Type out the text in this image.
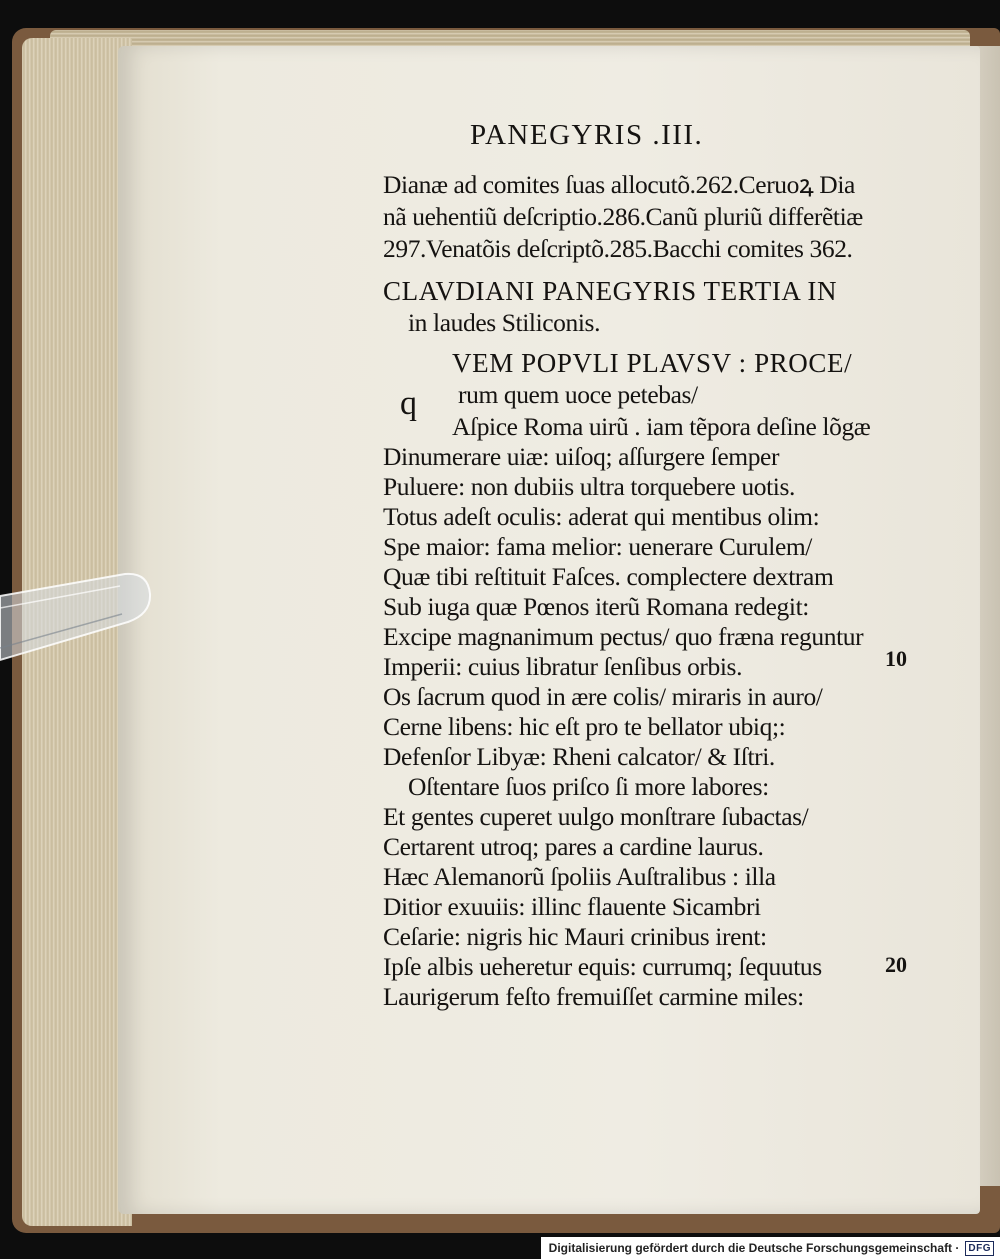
PANEGYRIS .III.
Dianæ ad comites ſuas allocutõ.262.Ceruoꝝ Dia
nã uehentiũ deſcriptio.286.Canũ pluriũ differẽtiæ
297.Venatõis deſcriptõ.285.Bacchi comites 362.
CLAVDIANI PANEGYRIS TERTIA IN
in laudes Stiliconis.
q
VEM POPVLI PLAVSV : PROCE/
rum quem uoce petebas/
Aſpice Roma uirũ . iam tẽpora deſine lõgæ
Dinumerare uiæ: uiſoq; aſſurgere ſemper
Puluere: non dubiis ultra torquebere uotis.
Totus adeſt oculis: aderat qui mentibus olim:
Spe maior: fama melior: uenerare Curulem/
Quæ tibi reſtituit Faſces. complectere dextram
Sub iuga quæ Pœnos iterũ Romana redegit:
Excipe magnanimum pectus/ quo fræna reguntur
Imperii: cuius libratur ſenſibus orbis.
Os ſacrum quod in ære colis/ miraris in auro/
Cerne libens: hic eſt pro te bellator ubiq;:
Defenſor Libyæ: Rheni calcator/ & Iſtri.
Oſtentare ſuos priſco ſi more labores:
Et gentes cuperet uulgo monſtrare ſubactas/
Certarent utroq; pares a cardine laurus.
Hæc Alemanorũ ſpoliis Auſtralibus : illa
Ditior exuuiis: illinc flauente Sicambri
Ceſarie: nigris hic Mauri crinibus irent:
Ipſe albis ueheretur equis: currumq; ſequutus
Laurigerum feſto fremuiſſet carmine miles:
10
20
Digitalisierung gefördert durch die Deutsche Forschungsgemeinschaft · DFG
